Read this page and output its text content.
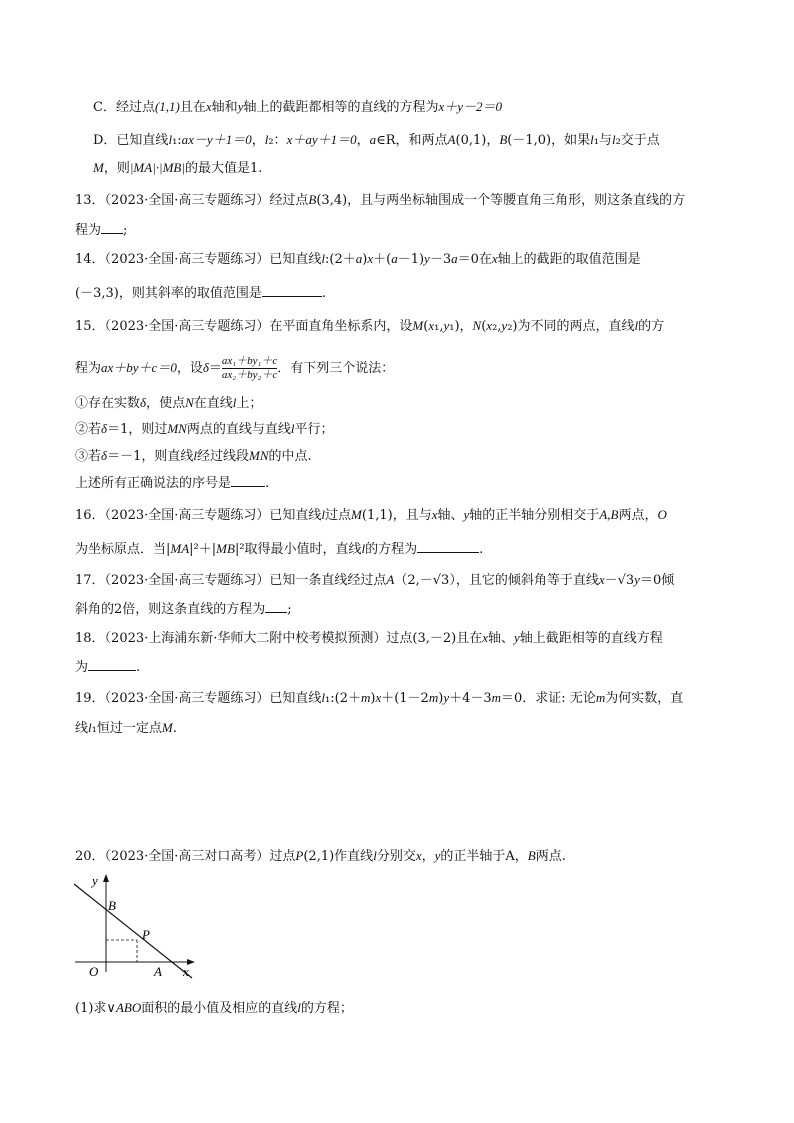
C．经过点(1,1)且在x轴和y轴上的截距都相等的直线的方程为x＋y－2＝0
D．已知直线l₁:ax－y＋1＝0，l₂：x＋ay＋1＝0，a∈R，和两点A(0,1)，B(－1,0)，如果l₁与l₂交于点
M，则|MA|·|MB|的最大值是1.
13．（2023·全国·高三专题练习）经过点B(3,4)，且与两坐标轴围成一个等腰直角三角形，则这条直线的方
程为 ;
14．（2023·全国·高三专题练习）已知直线l:(2＋a)x＋(a－1)y－3a＝0在x轴上的截距的取值范围是
(－3,3)，则其斜率的取值范围是	.
15．（2023·全国·高三专题练习）在平面直角坐标系内，设M(x₁,y₁)，N(x₂,y₂)为不同的两点，直线l的方
程为ax＋by＋c＝0，设$\delta= \frac{\text{ax₁＋by₁＋c}}{\text{ax₂＋by₂＋c}}$ ．有下列三个说法：
①存在实数δ，使点N在直线l上；
②若δ＝1，则过MN两点的直线与直线l平行；
③若δ＝－1，则直线l经过线段MN的中点.
上述所有正确说法的序号是	.
16．（2023·全国·高三专题练习）已知直线l过点M(1,1)，且与x轴、y轴的正半轴分别相交于A,B两点，O
为坐标原点．当|MA|²＋|MB|²取得最小值时，直线l的方程为	.
17．（2023·全国·高三专题练习）已知一条直线经过点A（2,－√3），且它的倾斜角等于直线x－√3y＝0倾
斜角的2倍，则这条直线的方程为 ;
18．（2023·上海浦东新·华师大二附中校考模拟预测）过点(3,－2)且在x轴、y轴上截距相等的直线方程
为	.
19．（2023·全国·高三专题练习）已知直线l₁:(2＋m)x＋(1－2m)y＋4－3m＝0．求证: 无论m为何实数，直
线l₁恒过一定点M.
20．（2023·全国·高三对口高考）过点P(2,1)作直线l分别交x，y的正半轴于A，B两点.
y
B
P
O	A x
(1)求∨ABO面积的最小值及相应的直线l的方程；
